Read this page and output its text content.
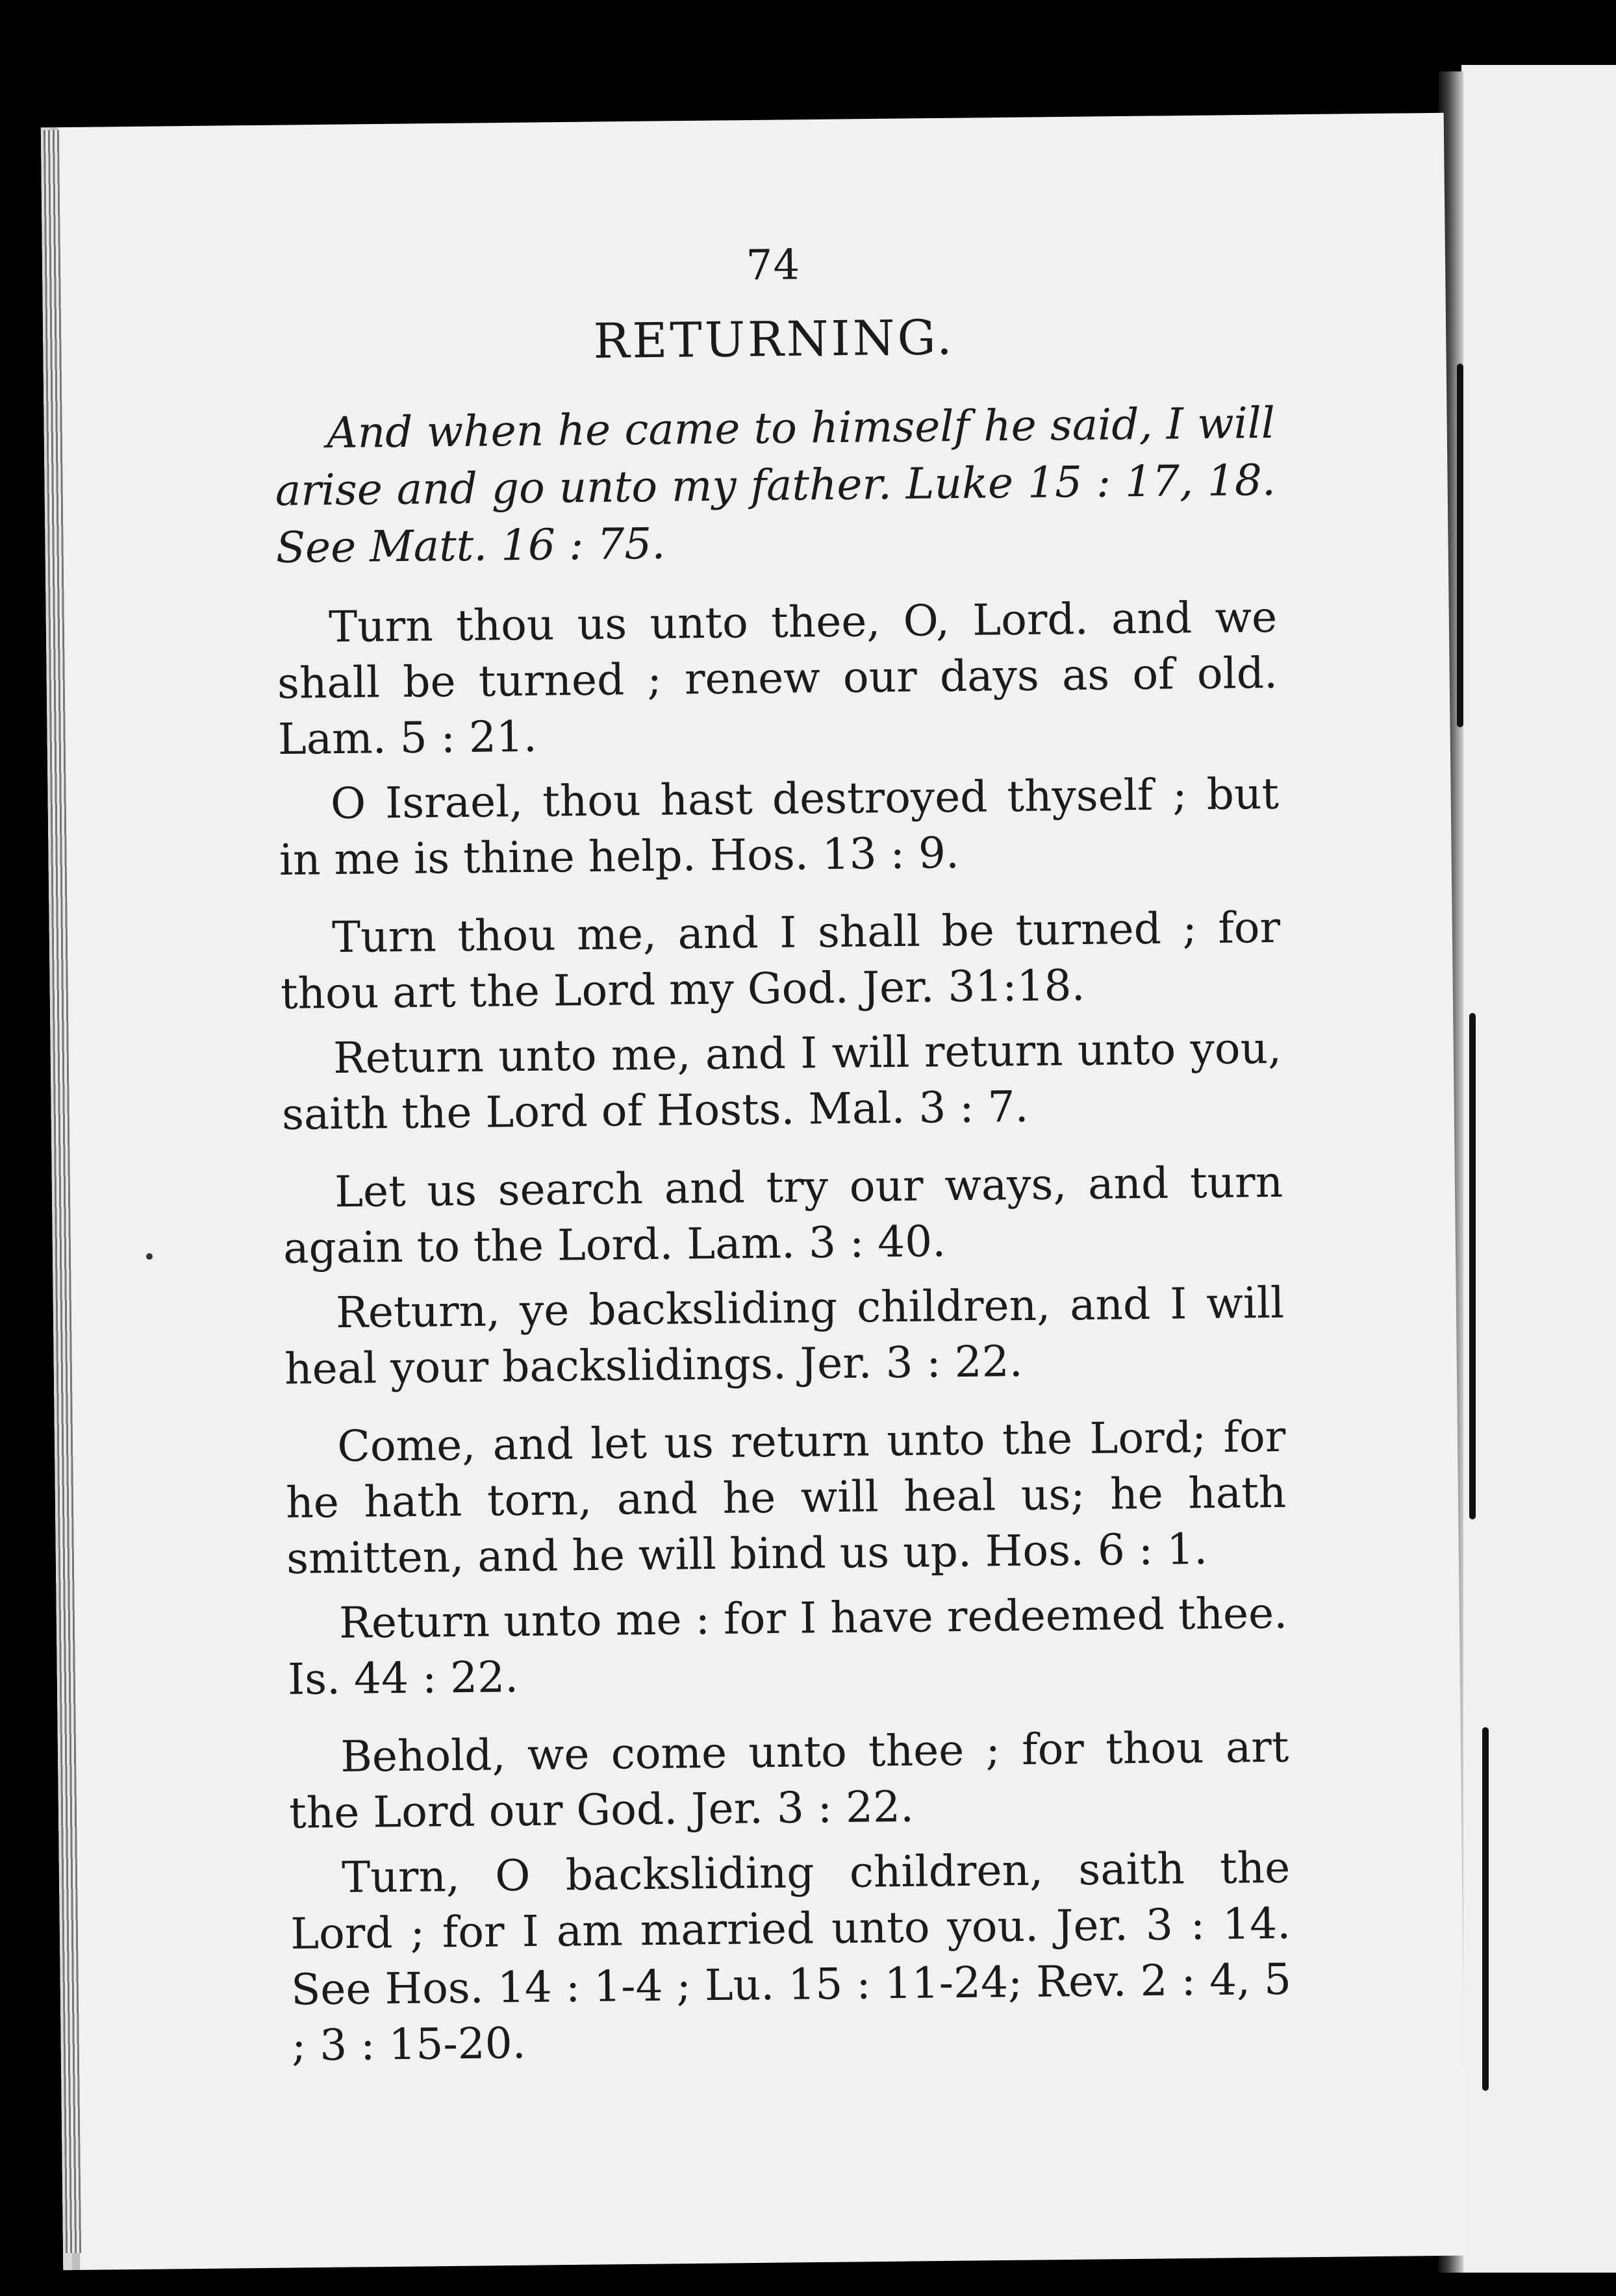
74
RETURNING.

And when he came to himself he said, I will arise and go unto my father. Luke 15 : 17, 18. See Matt. 16 : 75.

Turn thou us unto thee, O, Lord. and we shall be turned ; renew our days as of old. Lam. 5 : 21.

O Israel, thou hast destroyed thyself ; but in me is thine help. Hos. 13 : 9.

Turn thou me, and I shall be turned ; for thou art the Lord my God. Jer. 31:18.

Return unto me, and I will return unto you, saith the Lord of Hosts. Mal. 3 : 7.

Let us search and try our ways, and turn again to the Lord. Lam. 3 : 40.

Return, ye backsliding children, and I will heal your backslidings. Jer. 3 : 22.

Come, and let us return unto the Lord; for he hath torn, and he will heal us; he hath smitten, and he will bind us up. Hos. 6 : 1.

Return unto me : for I have redeemed thee. Is. 44 : 22.

Behold, we come unto thee ; for thou art the Lord our God. Jer. 3 : 22.

Turn, O backsliding children, saith the Lord ; for I am married unto you. Jer. 3 : 14. See Hos. 14 : 1-4 ; Lu. 15 : 11-24; Rev. 2 : 4, 5 ; 3 : 15-20.
